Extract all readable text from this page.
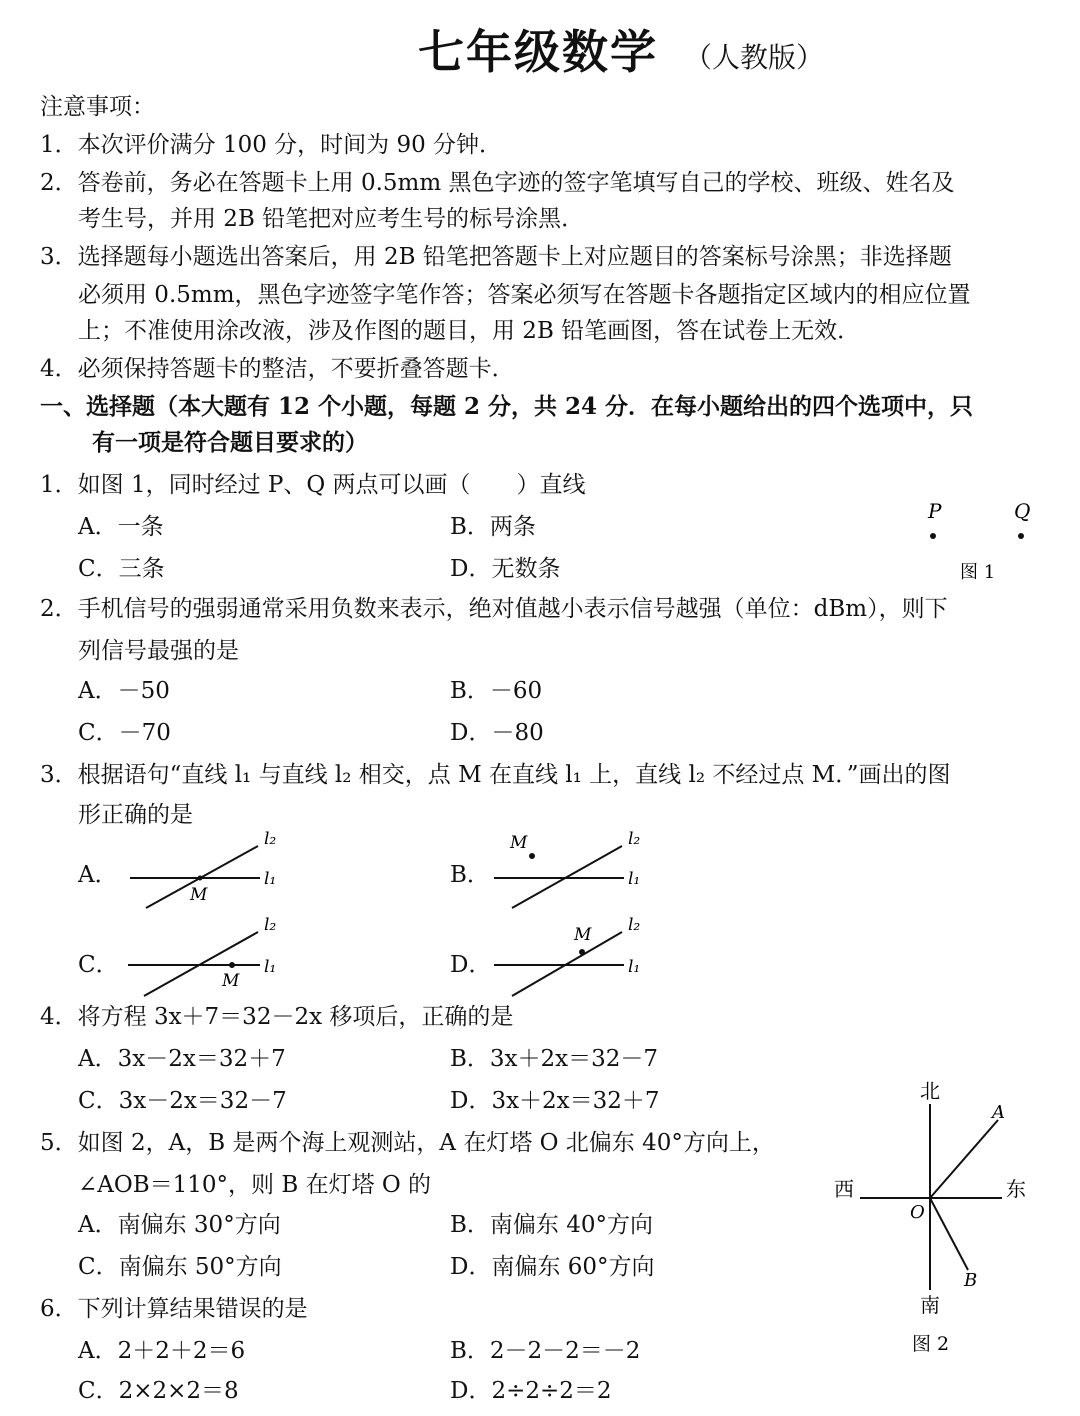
七年级数学 （人教版）
注意事项：
1．本次评价满分 100 分，时间为 90 分钟．
2．答卷前，务必在答题卡上用 0.5mm 黑色字迹的签字笔填写自己的学校、班级、姓名及
考生号，并用 2B 铅笔把对应考生号的标号涂黑．
3．选择题每小题选出答案后，用 2B 铅笔把答题卡上对应题目的答案标号涂黑；非选择题
必须用 0.5mm，黑色字迹签字笔作答；答案必须写在答题卡各题指定区域内的相应位置
上；不准使用涂改液，涉及作图的题目，用 2B 铅笔画图，答在试卷上无效．
4．必须保持答题卡的整洁，不要折叠答题卡．
一、选择题（本大题有 12 个小题，每题 2 分，共 24 分．在每小题给出的四个选项中，只
有一项是符合题目要求的）
1．如图 1，同时经过 P、Q 两点可以画（　　）直线
A．一条	B．两条
C．三条	D．无数条
P	Q
图 1
2．手机信号的强弱通常采用负数来表示，绝对值越小表示信号越强（单位：dBm），则下
列信号最强的是
A．－50	B．－60
C．－70	D．－80
3．根据语句“直线 l₁ 与直线 l₂ 相交，点 M 在直线 l₁ 上，直线 l₂ 不经过点 M．”画出的图
形正确的是
A．
l₂
l₁
M
B．
M	l₂
l₁
C．
M
l₂
l₁	D．
M l₂
l₁
4．将方程 3x＋7＝32－2x 移项后，正确的是
A．3x－2x＝32＋7	B．3x＋2x＝32－7
C．3x－2x＝32－7	D．3x＋2x＝32＋7
5．如图 2，A，B 是两个海上观测站，A 在灯塔 O 北偏东 40°方向上，
∠AOB＝110°，则 B 在灯塔 O 的
A．南偏东 30°方向	B．南偏东 40°方向
C．南偏东 50°方向	D．南偏东 60°方向
北
南
西	东
A
B
O
图 2
6．下列计算结果错误的是
A．2＋2＋2＝6	B．2－2－2＝－2
C．2×2×2＝8	D．2÷2÷2＝2
